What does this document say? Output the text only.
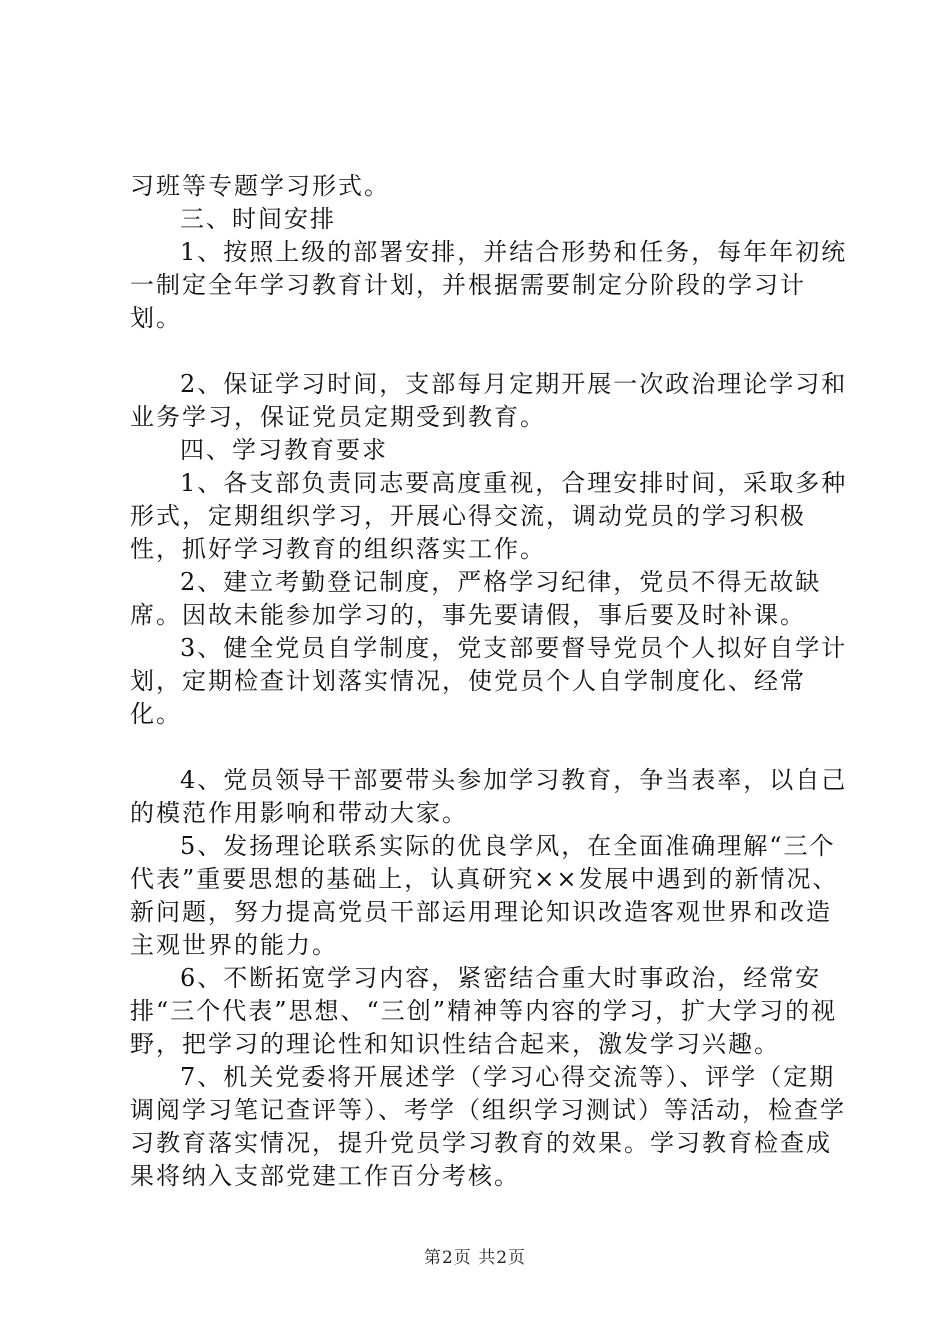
习班等专题学习形式。

三、时间安排

1、按照上级的部署安排，并结合形势和任务，每年年初统一制定全年学习教育计划，并根据需要制定分阶段的学习计划。

2、保证学习时间，支部每月定期开展一次政治理论学习和业务学习，保证党员定期受到教育。

四、学习教育要求

1、各支部负责同志要高度重视，合理安排时间，采取多种形式，定期组织学习，开展心得交流，调动党员的学习积极性，抓好学习教育的组织落实工作。

2、建立考勤登记制度，严格学习纪律，党员不得无故缺席。因故未能参加学习的，事先要请假，事后要及时补课。

3、健全党员自学制度，党支部要督导党员个人拟好自学计划，定期检查计划落实情况，使党员个人自学制度化、经常化。

4、党员领导干部要带头参加学习教育，争当表率，以自己的模范作用影响和带动大家。

5、发扬理论联系实际的优良学风，在全面准确理解“三个代表”重要思想的基础上，认真研究××发展中遇到的新情况、新问题，努力提高党员干部运用理论知识改造客观世界和改造主观世界的能力。

6、不断拓宽学习内容，紧密结合重大时事政治，经常安排“三个代表”思想、“三创”精神等内容的学习，扩大学习的视野，把学习的理论性和知识性结合起来，激发学习兴趣。

7、机关党委将开展述学（学习心得交流等）、评学（定期调阅学习笔记查评等）、考学（组织学习测试）等活动，检查学习教育落实情况，提升党员学习教育的效果。学习教育检查成果将纳入支部党建工作百分考核。

第2页 共2页
